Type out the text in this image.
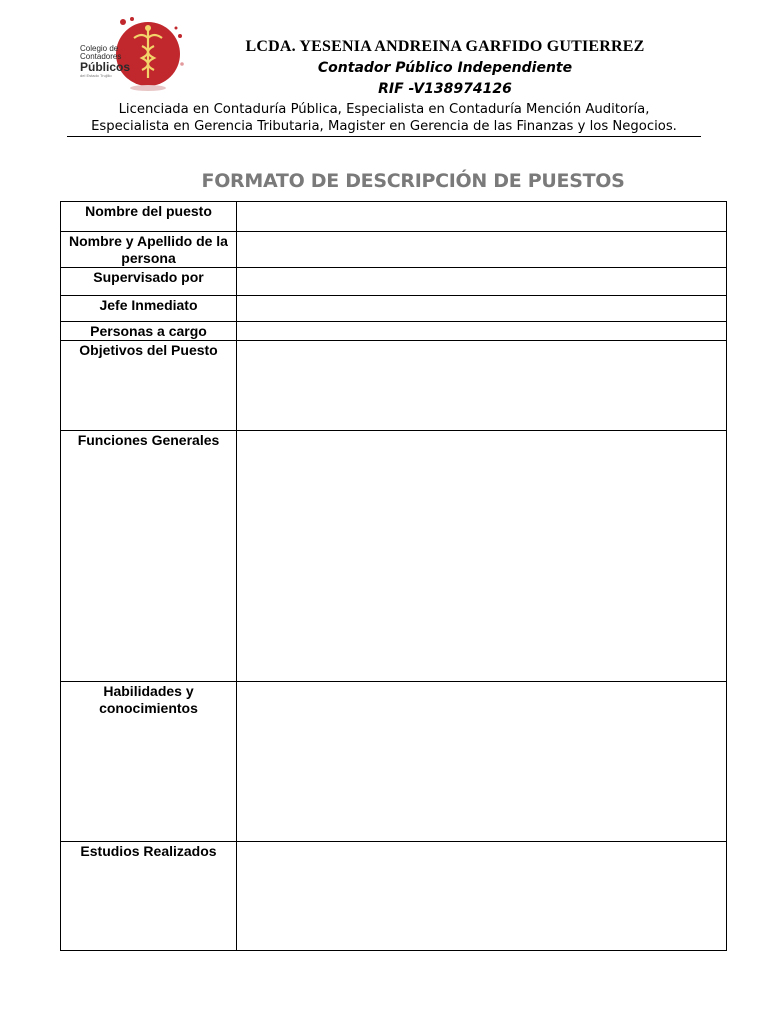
Colegio de
Contadores
Públicos
del Estado Trujillo
LCDA. YESENIA ANDREINA GARFIDO GUTIERREZ
Contador Público Independiente
RIF -V138974126
Licenciada en Contaduría Pública, Especialista en Contaduría Mención Auditoría,
Especialista en Gerencia Tributaria, Magister en Gerencia de las Finanzas y los Negocios.
FORMATO DE DESCRIPCIÓN DE PUESTOS
Nombre del puesto	
Nombre y Apellido de la persona	
Supervisado por	
Jefe Inmediato	
Personas a cargo	
Objetivos del Puesto	
Funciones Generales	
Habilidades y conocimientos	
Estudios Realizados	
